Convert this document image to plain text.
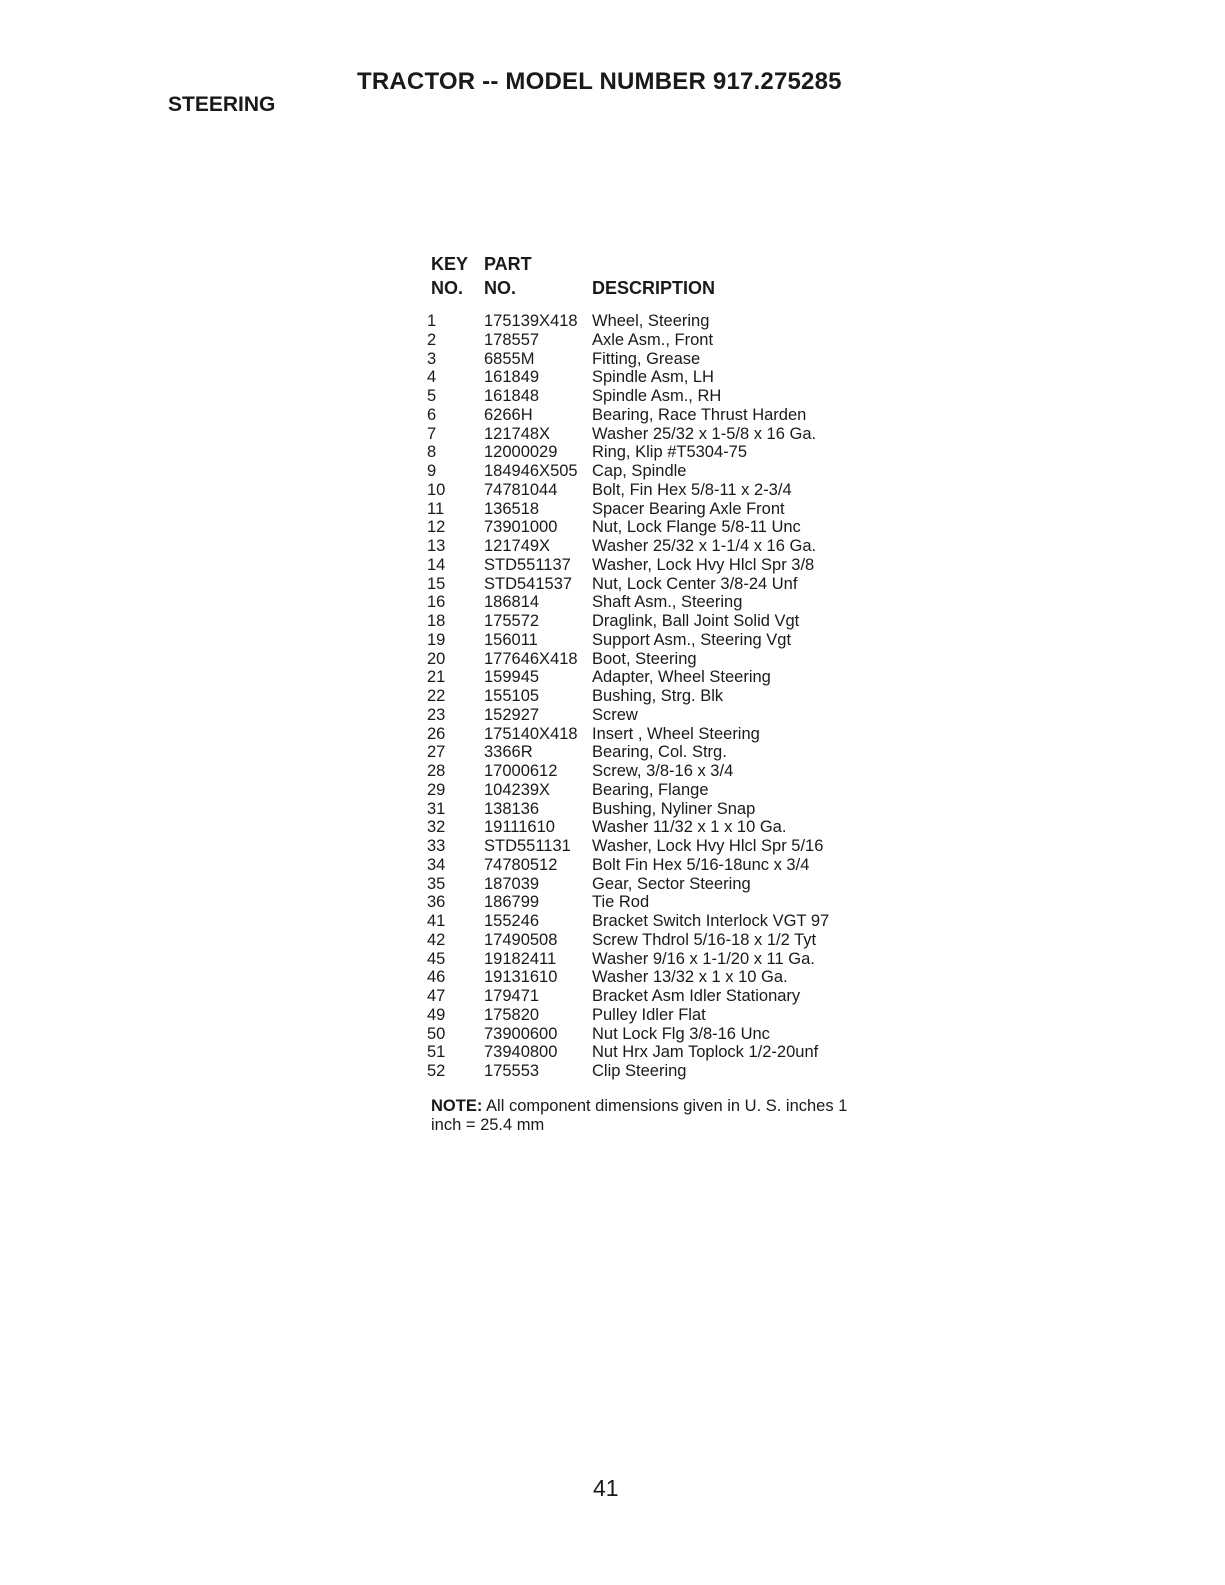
TRACTOR -- MODEL NUMBER 917.275285
STEERING
KEY PART
NO. NO.	DESCRIPTION
1	175139X418 Wheel, Steering
2	178557	Axle Asm., Front
3	6855M	Fitting, Grease
4	161849	Spindle Asm, LH
5	161848	Spindle Asm., RH
6	6266H	Bearing, Race Thrust Harden
7	121748X	Washer 25/32 x 1-5/8 x 16 Ga.
8	12000029 Ring, Klip #T5304-75
9	184946X505 Cap, Spindle
10 74781044 Bolt, Fin Hex 5/8-11 x 2-3/4
11 136518	Spacer Bearing Axle Front
12 73901000 Nut, Lock Flange 5/8-11 Unc
13 121749X	Washer 25/32 x 1-1/4 x 16 Ga.
14 STD551137 Washer, Lock Hvy Hlcl Spr 3/8
15 STD541537 Nut, Lock Center 3/8-24 Unf
16 186814	Shaft Asm., Steering
18 175572	Draglink, Ball Joint Solid Vgt
19 156011	Support Asm., Steering Vgt
20 177646X418 Boot, Steering
21 159945	Adapter, Wheel Steering
22 155105	Bushing, Strg. Blk
23 152927	Screw
26 175140X418 Insert , Wheel Steering
27 3366R	Bearing, Col. Strg.
28 17000612 Screw, 3/8-16 x 3/4
29 104239X	Bearing, Flange
31 138136	Bushing, Nyliner Snap
32 19111610 Washer 11/32 x 1 x 10 Ga.
33 STD551131 Washer, Lock Hvy Hlcl Spr 5/16
34 74780512 Bolt Fin Hex 5/16-18unc x 3/4
35 187039	Gear, Sector Steering
36 186799	Tie Rod
41 155246	Bracket Switch Interlock VGT 97
42 17490508 Screw Thdrol 5/16-18 x 1/2 Tyt
45 19182411 Washer 9/16 x 1-1/20 x 11 Ga.
46 19131610 Washer 13/32 x 1 x 10 Ga.
47 179471	Bracket Asm Idler Stationary
49 175820	Pulley Idler Flat
50 73900600 Nut Lock Flg 3/8-16 Unc
51 73940800 Nut Hrx Jam Toplock 1/2-20unf
52 175553	Clip Steering
NOTE: All component dimensions given in U. S. inches 1 inch = 25.4 mm
41
